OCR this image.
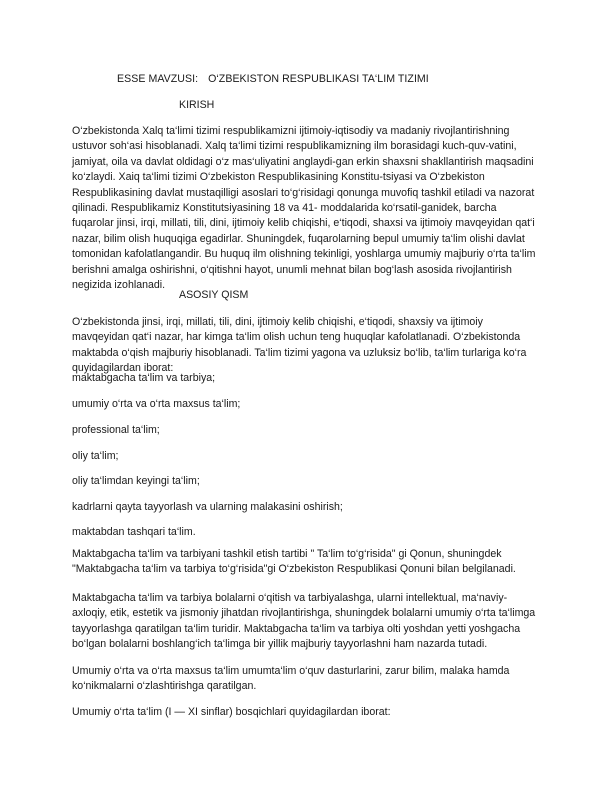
ESSE MAVZUSI: O‘ZBEKISTON RESPUBLIKASI TA‘LIM TIZIMI
KIRISH
O‘zbekistonda Xalq ta‘limi tizimi respublikamizni ijtimoiy-iqtisodiy va madaniy rivojlantirishning ustuvor soh‘asi hisoblanadi. Xalq ta‘limi tizimi respublikamizning ilm borasidagi kuch-quv-vatini, jamiyat, oila va davlat oldidagi o‘z mas‘uliyatini anglaydi-gan erkin shaxsni shakllantirish maqsadini ko‘zlaydi. Xaiq ta‘limi tizimi O‘zbekiston Respublikasining Konstitu-tsiyasi va O‘zbekiston Respublikasining davlat mustaqilligi asoslari to‘g‘risidagi qonunga muvofiq tashkil etiladi va nazorat qilinadi. Respublikamiz Konstitutsiyasining 18 va 41- moddalarida ko‘rsatil-ganidek, barcha fuqarolar jinsi, irqi, millati, tili, dini, ijtimoiy kelib chiqishi, e‘tiqodi, shaxsi va ijtimoiy mavqeyidan qat‘i nazar, bilim olish huquqiga egadirlar. Shuningdek, fuqarolarning bepul umumiy ta‘lim olishi davlat tomonidan kafolatlangandir. Bu huquq ilm olishning tekinligi, yoshlarga umumiy majburiy o‘rta ta‘lim berishni amalga oshirishni, o‘qitishni hayot, unumli mehnat bilan bog‘lash asosida rivojlantirish negizida izohlanadi.
ASOSIY QISM
O‘zbekistonda jinsi, irqi, millati, tili, dini, ijtimoiy kelib chiqishi, e‘tiqodi, shaxsiy va ijtimoiy mavqeyidan qat‘i nazar, har kimga ta‘lim olish uchun teng huquqlar kafolatlanadi. O‘zbekistonda maktabda o‘qish majburiy hisoblanadi. Ta‘lim tizimi yagona va uzluksiz bo‘lib, ta‘lim turlariga ko‘ra quyidagilardan iborat:
maktabgacha ta‘lim va tarbiya;
umumiy o‘rta va o‘rta maxsus ta‘lim;
professional ta‘lim;
oliy ta‘lim;
oliy ta‘limdan keyingi ta‘lim;
kadrlarni qayta tayyorlash va ularning malakasini oshirish;
maktabdan tashqari ta‘lim.
Maktabgacha ta‘lim va tarbiyani tashkil etish tartibi " Ta‘lim to‘g‘risida" gi Qonun, shuningdek "Maktabgacha ta‘lim va tarbiya to‘g‘risida"gi O‘zbekiston Respublikasi Qonuni bilan belgilanadi.
Maktabgacha ta‘lim va tarbiya bolalarni o‘qitish va tarbiyalashga, ularni intellektual, ma‘naviy-axloqiy, etik, estetik va jismoniy jihatdan rivojlantirishga, shuningdek bolalarni umumiy o‘rta ta‘limga tayyorlashga qaratilgan ta‘lim turidir. Maktabgacha ta‘lim va tarbiya olti yoshdan yetti yoshgacha bo‘lgan bolalarni boshlang‘ich ta‘limga bir yillik majburiy tayyorlashni ham nazarda tutadi.
Umumiy o‘rta va o‘rta maxsus ta‘lim umumta‘lim o‘quv dasturlarini, zarur bilim, malaka hamda ko‘nikmalarni o‘zlashtirishga qaratilgan.
Umumiy o‘rta ta‘lim (I — XI sinflar) bosqichlari quyidagilardan iborat:
